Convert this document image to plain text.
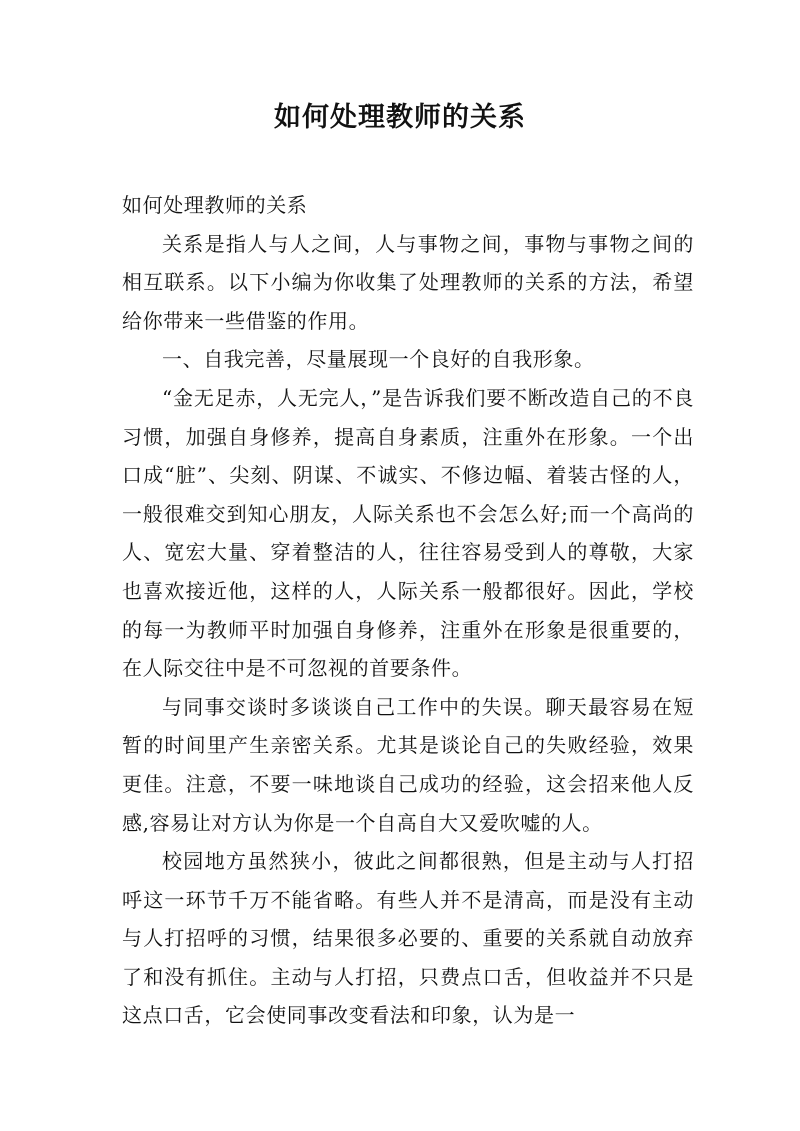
如何处理教师的关系

如何处理教师的关系

关系是指人与人之间，人与事物之间，事物与事物之间的相互联系。以下小编为你收集了处理教师的关系的方法，希望给你带来一些借鉴的作用。

一、自我完善，尽量展现一个良好的自我形象。

“金无足赤，人无完人，”是告诉我们要不断改造自己的不良习惯，加强自身修养，提高自身素质，注重外在形象。一个出口成“脏”、尖刻、阴谋、不诚实、不修边幅、着装古怪的人，一般很难交到知心朋友，人际关系也不会怎么好;而一个高尚的人、宽宏大量、穿着整洁的人，往往容易受到人的尊敬，大家也喜欢接近他，这样的人，人际关系一般都很好。因此，学校的每一为教师平时加强自身修养，注重外在形象是很重要的，在人际交往中是不可忽视的首要条件。

与同事交谈时多谈谈自己工作中的失误。聊天最容易在短暂的时间里产生亲密关系。尤其是谈论自己的失败经验，效果更佳。注意，不要一味地谈自己成功的经验，这会招来他人反感,容易让对方认为你是一个自高自大又爱吹嘘的人。

校园地方虽然狭小，彼此之间都很熟，但是主动与人打招呼这一环节千万不能省略。有些人并不是清高，而是没有主动与人打招呼的习惯，结果很多必要的、重要的关系就自动放弃了和没有抓住。主动与人打招，只费点口舌，但收益并不只是这点口舌，它会使同事改变看法和印象，认为是一
